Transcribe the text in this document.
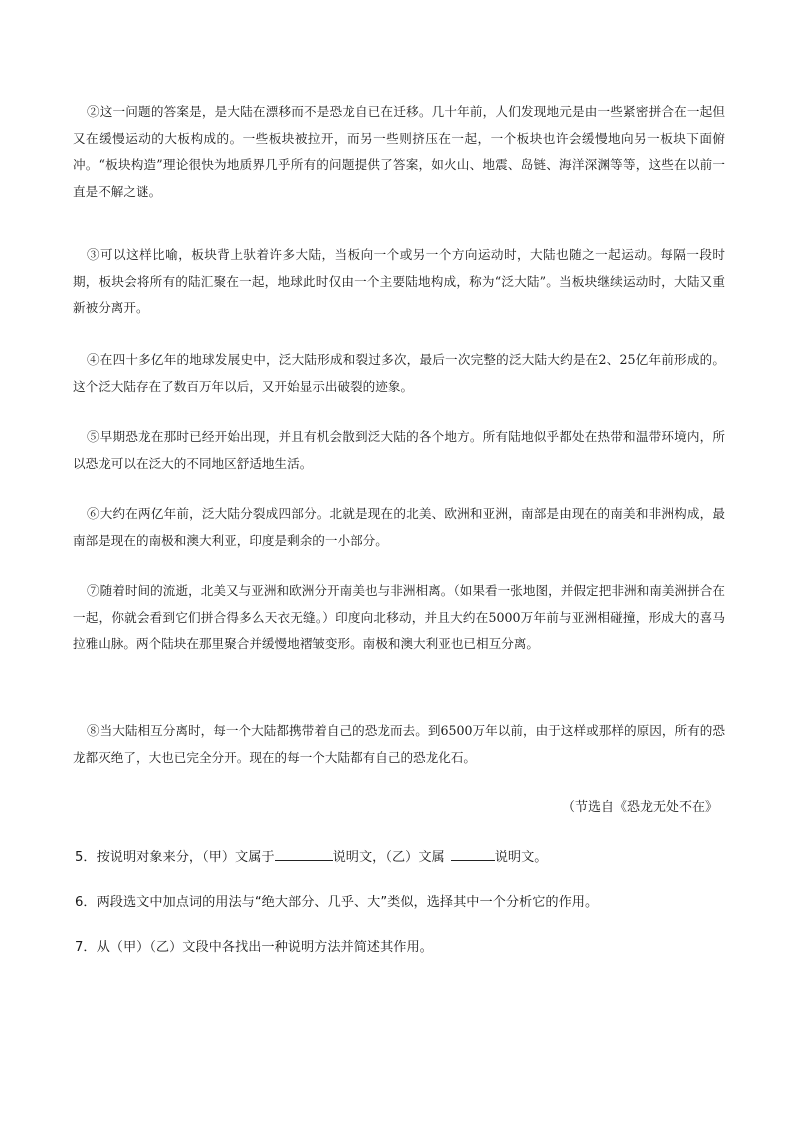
②这一问题的答案是，是大陆在漂移而不是恐龙自已在迁移。几十年前，人们发现地元是由一些紧密拼合在一起但又在缓慢运动的大板构成的。一些板块被拉开，而另一些则挤压在一起，一个板块也许会缓慢地向另一板块下面俯冲。“板块构造”理论很快为地质界几乎所有的问题提供了答案，如火山、地震、岛链、海洋深渊等等，这些在以前一直是不解之谜。

③可以这样比喻，板块背上驮着许多大陆，当板向一个或另一个方向运动时，大陆也随之一起运动。每隔一段时期，板块会将所有的陆汇聚在一起，地球此时仅由一个主要陆地构成，称为“泛大陆”。当板块继续运动时，大陆又重新被分离开。

④在四十多亿年的地球发展史中，泛大陆形成和裂过多次，最后一次完整的泛大陆大约是在2、25亿年前形成的。这个泛大陆存在了数百万年以后，又开始显示出破裂的迹象。

⑤早期恐龙在那时已经开始出现，并且有机会散到泛大陆的各个地方。所有陆地似乎都处在热带和温带环境内，所以恐龙可以在泛大的不同地区舒适地生活。

⑥大约在两亿年前，泛大陆分裂成四部分。北就是现在的北美、欧洲和亚洲，南部是由现在的南美和非洲构成，最南部是现在的南极和澳大利亚，印度是剩余的一小部分。

⑦随着时间的流逝，北美又与亚洲和欧洲分开南美也与非洲相离。（如果看一张地图，并假定把非洲和南美洲拼合在一起，你就会看到它们拼合得多么天衣无缝。）印度向北移动，并且大约在5000万年前与亚洲相碰撞，形成大的喜马拉雅山脉。两个陆块在那里聚合并缓慢地褶皱变形。南极和澳大利亚也已相互分离。

⑧当大陆相互分离时，每一个大陆都携带着自己的恐龙而去。到6500万年以前，由于这样或那样的原因，所有的恐龙都灭绝了，大也已完全分开。现在的每一个大陆都有自己的恐龙化石。

（节选自《恐龙无处不在》
5．按说明对象来分，（甲）文属于	说明文，（乙）文属	说明文。
6．两段选文中加点词的用法与“绝大部分、几乎、大”类似，选择其中一个分析它的作用。
7．从（甲）（乙）文段中各找出一种说明方法并简述其作用。
